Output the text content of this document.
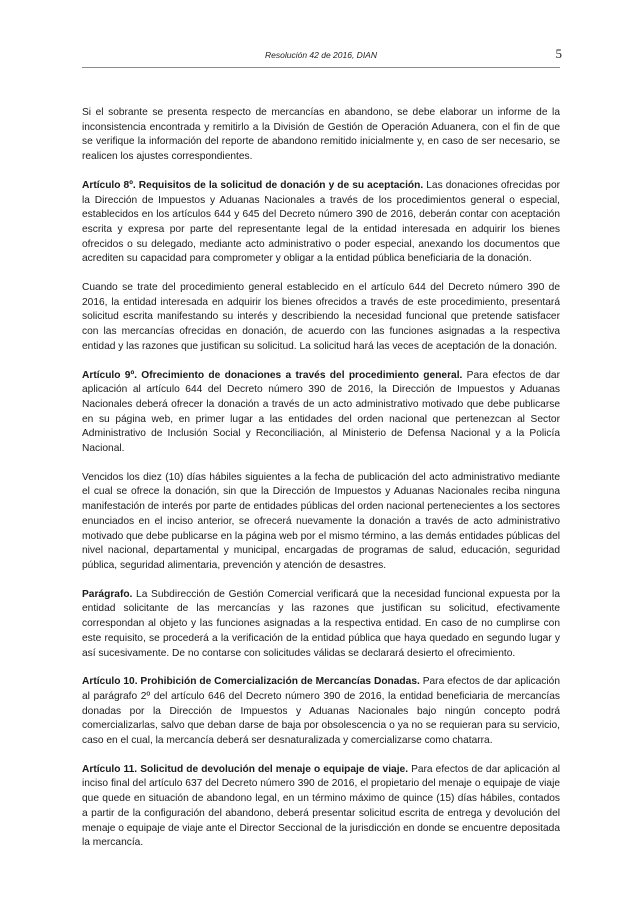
Resolución 42 de 2016, DIAN	5

Si el sobrante se presenta respecto de mercancías en abandono, se debe elaborar un informe de la inconsistencia encontrada y remitirlo a la División de Gestión de Operación Aduanera, con el fin de que se verifique la información del reporte de abandono remitido inicialmente y, en caso de ser necesario, se realicen los ajustes correspondientes.

Artículo 8º. Requisitos de la solicitud de donación y de su aceptación. Las donaciones ofrecidas por la Dirección de Impuestos y Aduanas Nacionales a través de los procedimientos general o especial, establecidos en los artículos 644 y 645 del Decreto número 390 de 2016, deberán contar con aceptación escrita y expresa por parte del representante legal de la entidad interesada en adquirir los bienes ofrecidos o su delegado, mediante acto administrativo o poder especial, anexando los documentos que acrediten su capacidad para comprometer y obligar a la entidad pública beneficiaria de la donación.

Cuando se trate del procedimiento general establecido en el artículo 644 del Decreto número 390 de 2016, la entidad interesada en adquirir los bienes ofrecidos a través de este procedimiento, presentará solicitud escrita manifestando su interés y describiendo la necesidad funcional que pretende satisfacer con las mercancías ofrecidas en donación, de acuerdo con las funciones asignadas a la respectiva entidad y las razones que justifican su solicitud. La solicitud hará las veces de aceptación de la donación.

Artículo 9º. Ofrecimiento de donaciones a través del procedimiento general. Para efectos de dar aplicación al artículo 644 del Decreto número 390 de 2016, la Dirección de Impuestos y Aduanas Nacionales deberá ofrecer la donación a través de un acto administrativo motivado que debe publicarse en su página web, en primer lugar a las entidades del orden nacional que pertenezcan al Sector Administrativo de Inclusión Social y Reconciliación, al Ministerio de Defensa Nacional y a la Policía Nacional.

Vencidos los diez (10) días hábiles siguientes a la fecha de publicación del acto administrativo mediante el cual se ofrece la donación, sin que la Dirección de Impuestos y Aduanas Nacionales reciba ninguna manifestación de interés por parte de entidades públicas del orden nacional pertenecientes a los sectores enunciados en el inciso anterior, se ofrecerá nuevamente la donación a través de acto administrativo motivado que debe publicarse en la página web por el mismo término, a las demás entidades públicas del nivel nacional, departamental y municipal, encargadas de programas de salud, educación, seguridad pública, seguridad alimentaria, prevención y atención de desastres.

Parágrafo. La Subdirección de Gestión Comercial verificará que la necesidad funcional expuesta por la entidad solicitante de las mercancías y las razones que justifican su solicitud, efectivamente correspondan al objeto y las funciones asignadas a la respectiva entidad. En caso de no cumplirse con este requisito, se procederá a la verificación de la entidad pública que haya quedado en segundo lugar y así sucesivamente. De no contarse con solicitudes válidas se declarará desierto el ofrecimiento.

Artículo 10. Prohibición de Comercialización de Mercancías Donadas. Para efectos de dar aplicación al parágrafo 2º del artículo 646 del Decreto número 390 de 2016, la entidad beneficiaria de mercancías donadas por la Dirección de Impuestos y Aduanas Nacionales bajo ningún concepto podrá comercializarlas, salvo que deban darse de baja por obsolescencia o ya no se requieran para su servicio, caso en el cual, la mercancía deberá ser desnaturalizada y comercializarse como chatarra.

Artículo 11. Solicitud de devolución del menaje o equipaje de viaje. Para efectos de dar aplicación al inciso final del artículo 637 del Decreto número 390 de 2016, el propietario del menaje o equipaje de viaje que quede en situación de abandono legal, en un término máximo de quince (15) días hábiles, contados a partir de la configuración del abandono, deberá presentar solicitud escrita de entrega y devolución del menaje o equipaje de viaje ante el Director Seccional de la jurisdicción en donde se encuentre depositada la mercancía.
